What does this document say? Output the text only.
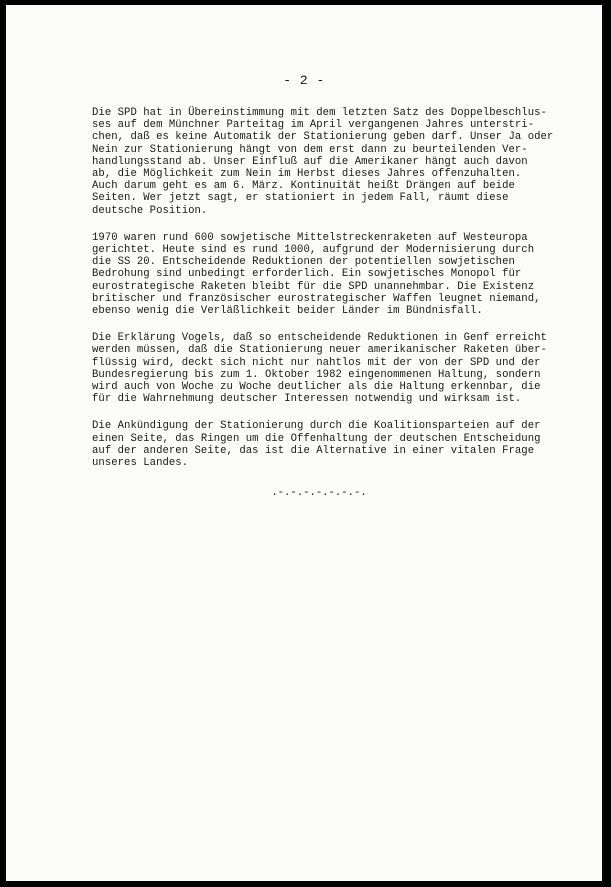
- 2 -
Die SPD hat in Übereinstimmung mit dem letzten Satz des Doppelbeschlus-
ses auf dem Münchner Parteitag im April vergangenen Jahres unterstri-
chen, daß es keine Automatik der Stationierung geben darf. Unser Ja oder
Nein zur Stationierung hängt von dem erst dann zu beurteilenden Ver-
handlungsstand ab. Unser Einfluß auf die Amerikaner hängt auch davon
ab, die Möglichkeit zum Nein im Herbst dieses Jahres offenzuhalten.
Auch darum geht es am 6. März. Kontinuität heißt Drängen auf beide
Seiten. Wer jetzt sagt, er stationiert in jedem Fall, räumt diese
deutsche Position.
1970 waren rund 600 sowjetische Mittelstreckenraketen auf Westeuropa
gerichtet. Heute sind es rund 1000, aufgrund der Modernisierung durch
die SS 20. Entscheidende Reduktionen der potentiellen sowjetischen
Bedrohung sind unbedingt erforderlich. Ein sowjetisches Monopol für
eurostrategische Raketen bleibt für die SPD unannehmbar. Die Existenz
britischer und französischer eurostrategischer Waffen leugnet niemand,
ebenso wenig die Verläßlichkeit beider Länder im Bündnisfall.
Die Erklärung Vogels, daß so entscheidende Reduktionen in Genf erreicht
werden müssen, daß die Stationierung neuer amerikanischer Raketen über-
flüssig wird, deckt sich nicht nur nahtlos mit der von der SPD und der
Bundesregierung bis zum 1. Oktober 1982 eingenommenen Haltung, sondern
wird auch von Woche zu Woche deutlicher als die Haltung erkennbar, die
für die Wahrnehmung deutscher Interessen notwendig und wirksam ist.
Die Ankündigung der Stationierung durch die Koalitionsparteien auf der
einen Seite, das Ringen um die Offenhaltung der deutschen Entscheidung
auf der anderen Seite, das ist die Alternative in einer vitalen Frage
unseres Landes.
.-.-.-.-.-.-.-.
